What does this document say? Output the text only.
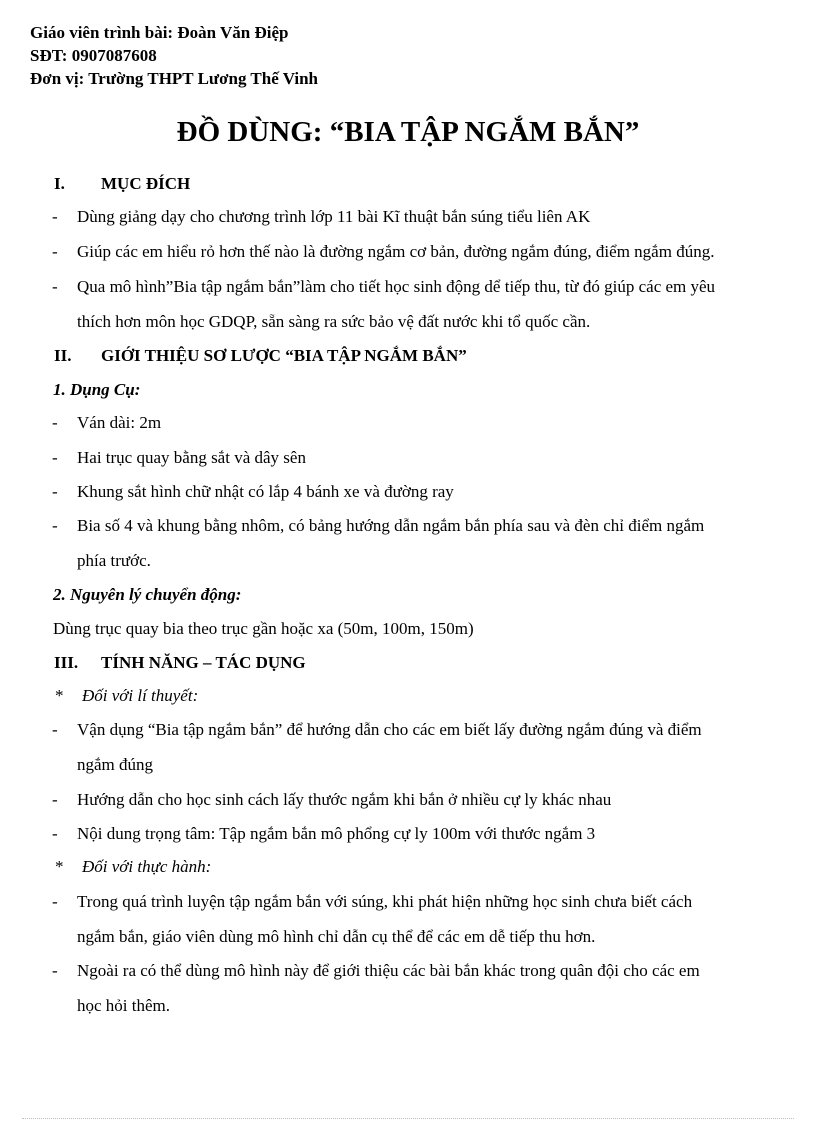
Giáo viên trình bài: Đoàn Văn Điệp
SĐT: 0907087608
Đơn vị: Trường THPT Lương Thế Vinh
ĐỒ DÙNG: “BIA TẬP NGẮM BẮN”
I. MỤC ĐÍCH
- Dùng giảng dạy cho chương trình lớp 11 bài Kĩ thuật bắn súng tiểu liên AK
- Giúp các em hiểu rỏ hơn thế nào là đường ngắm cơ bản, đường ngắm đúng, điểm ngắm đúng.
- Qua mô hình”Bia tập ngắm bắn”làm cho tiết học sinh động dể tiếp thu, từ đó giúp các em yêu
thích hơn môn học GDQP, sẵn sàng ra sức bảo vệ đất nước khi tổ quốc cần.
II. GIỚI THIỆU SƠ LƯỢC “BIA TẬP NGẮM BẮN”
1. Dụng Cụ:
- Ván dài: 2m
- Hai trục quay bằng sắt và dây sên
- Khung sắt hình chữ nhật có lắp 4 bánh xe và đường ray
- Bia số 4 và khung bằng nhôm, có bảng hướng dẫn ngắm bắn phía sau và đèn chỉ điểm ngắm
phía trước.
2. Nguyên lý chuyển động:
Dùng trục quay bia theo trục gần hoặc xa (50m, 100m, 150m)
III. TÍNH NĂNG – TÁC DỤNG
* Đối với lí thuyết:
- Vận dụng “Bia tập ngắm bắn” để hướng dẫn cho các em biết lấy đường ngắm đúng và điểm
ngắm đúng
- Hướng dẫn cho học sinh cách lấy thước ngắm khi bắn ở nhiều cự ly khác nhau
- Nội dung trọng tâm: Tập ngắm bắn mô phổng cự ly 100m với thước ngắm 3
* Đối với thực hành:
- Trong quá trình luyện tập ngắm bắn với súng, khi phát hiện những học sinh chưa biết cách
ngắm bắn, giáo viên dùng mô hình chỉ dẫn cụ thể để các em dễ tiếp thu hơn.
- Ngoài ra có thể dùng mô hình này để giới thiệu các bài bắn khác trong quân đội cho các em
học hỏi thêm.
